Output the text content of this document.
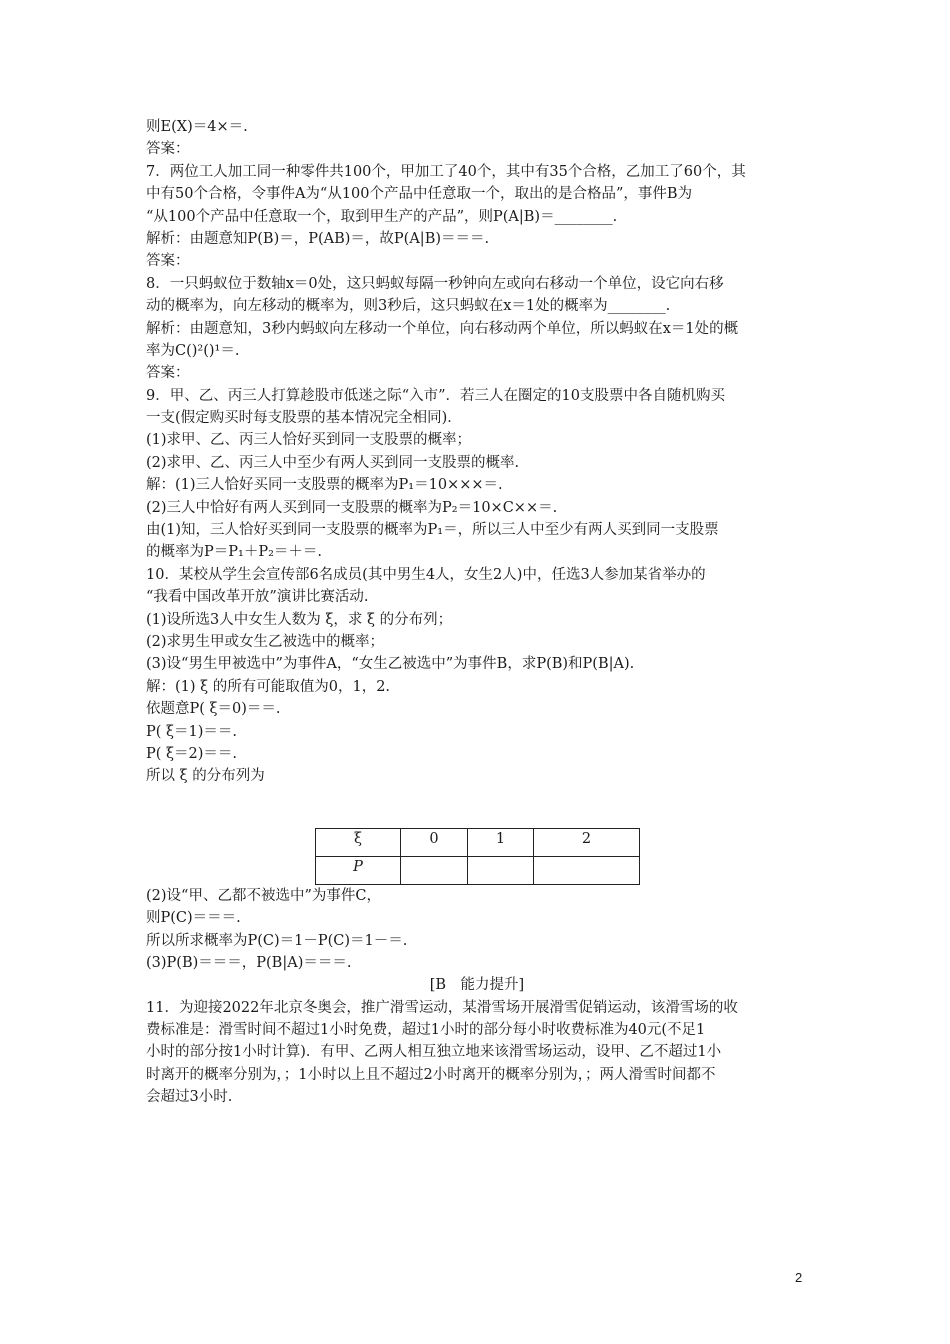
则E(X)＝4×＝.
答案：
7．两位工人加工同一种零件共100个，甲加工了40个，其中有35个合格，乙加工了60个，其
中有50个合格，令事件A为“从100个产品中任意取一个，取出的是合格品”，事件B为
“从100个产品中任意取一个，取到甲生产的产品”，则P(A|B)＝________.
解析：由题意知P(B)＝，P(AB)＝，故P(A|B)＝＝＝.
答案：
8．一只蚂蚁位于数轴x＝0处，这只蚂蚁每隔一秒钟向左或向右移动一个单位，设它向右移
动的概率为，向左移动的概率为，则3秒后，这只蚂蚁在x＝1处的概率为________.
解析：由题意知，3秒内蚂蚁向左移动一个单位，向右移动两个单位，所以蚂蚁在x＝1处的概
率为C()²()¹＝.
答案：
9．甲、乙、丙三人打算趁股市低迷之际“入市”．若三人在圈定的10支股票中各自随机购买
一支(假定购买时每支股票的基本情况完全相同)．
(1)求甲、乙、丙三人恰好买到同一支股票的概率；
(2)求甲、乙、丙三人中至少有两人买到同一支股票的概率.
解：(1)三人恰好买同一支股票的概率为P₁＝10×××＝.
(2)三人中恰好有两人买到同一支股票的概率为P₂＝10×C××＝.
由(1)知，三人恰好买到同一支股票的概率为P₁＝，所以三人中至少有两人买到同一支股票
的概率为P＝P₁＋P₂＝＋＝.
10．某校从学生会宣传部6名成员(其中男生4人，女生2人)中，任选3人参加某省举办的
“我看中国改革开放”演讲比赛活动.
(1)设所选3人中女生人数为 ξ，求 ξ 的分布列；
(2)求男生甲或女生乙被选中的概率；
(3)设“男生甲被选中”为事件A，“女生乙被选中”为事件B，求P(B)和P(B|A).
解：(1) ξ 的所有可能取值为0，1，2.
依题意P( ξ＝0)＝＝.
P( ξ＝1)＝＝.
P( ξ＝2)＝＝.
所以 ξ 的分布列为
ξ	0	1	2
P			
(2)设“甲、乙都不被选中”为事件C，
则P(C)＝＝＝.
所以所求概率为P(C)＝1－P(C)＝1－＝.
(3)P(B)＝＝＝，P(B|A)＝＝＝.
[B　能力提升]
11．为迎接2022年北京冬奥会，推广滑雪运动，某滑雪场开展滑雪促销运动，该滑雪场的收
费标准是：滑雪时间不超过1小时免费，超过1小时的部分每小时收费标准为40元(不足1
小时的部分按1小时计算)．有甲、乙两人相互独立地来该滑雪场运动，设甲、乙不超过1小
时离开的概率分别为，；1小时以上且不超过2小时离开的概率分别为，；两人滑雪时间都不
会超过3小时.
2
